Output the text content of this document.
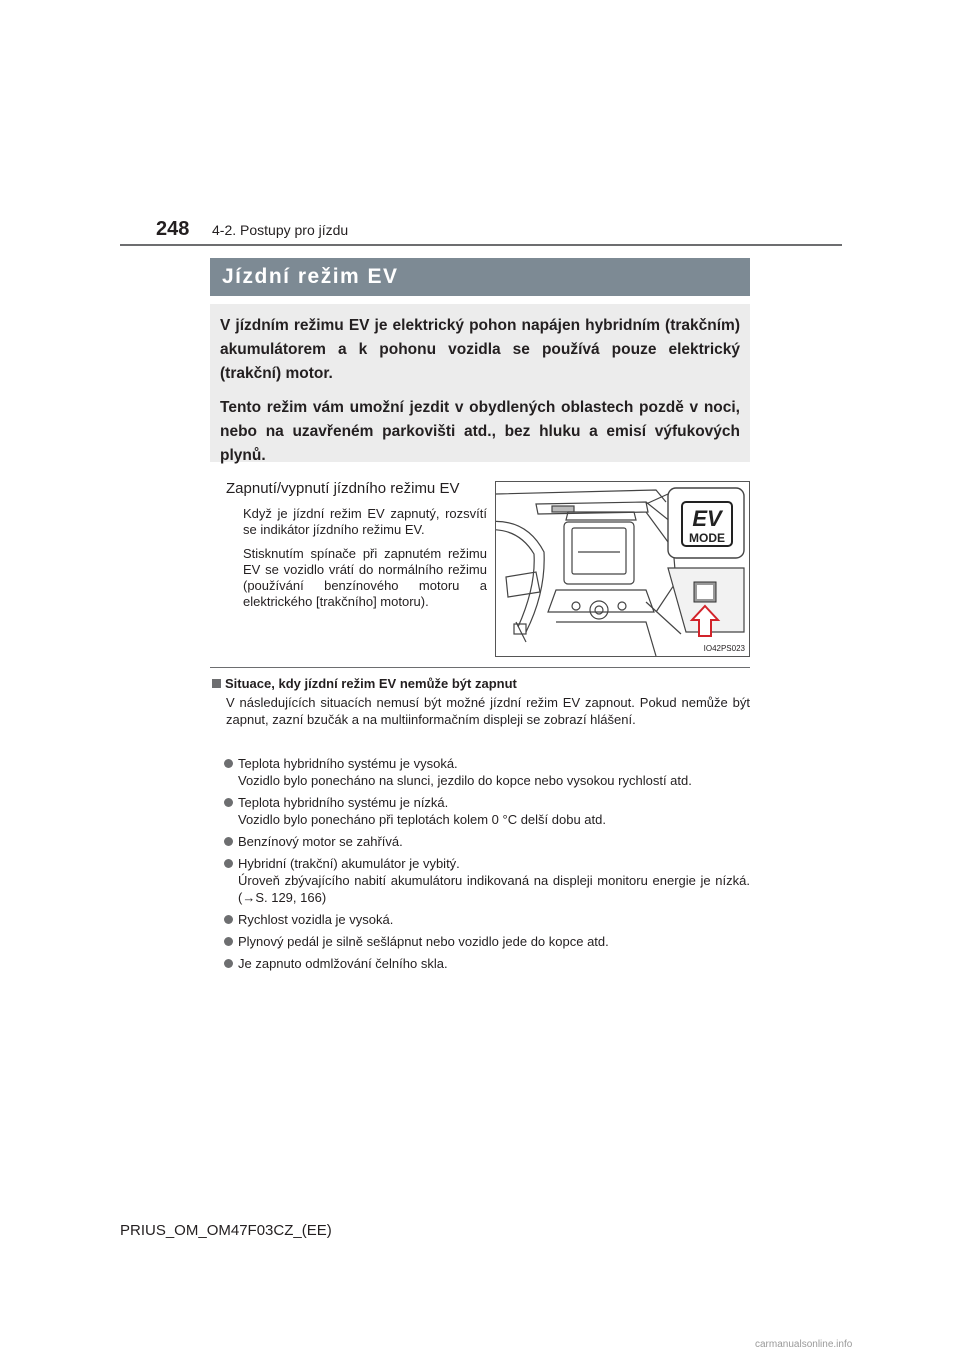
248 4-2. Postupy pro jízdu
Jízdní režim EV

V jízdním režimu EV je elektrický pohon napájen hybridním (trakčním) akumulátorem a k pohonu vozidla se používá pouze elektrický (trakční) motor.

Tento režim vám umožní jezdit v obydlených oblastech pozdě v noci, nebo na uzavřeném parkovišti atd., bez hluku a emisí výfukových plynů.

Zapnutí/vypnutí jízdního režimu EV

Když je jízdní režim EV zapnutý, rozsvítí se indikátor jízdního režimu EV.

Stisknutím spínače při zapnutém režimu EV se vozidlo vrátí do normálního režimu (používání benzínového motoru a elektrického [trakčního] motoru).

EV
MODE
IO42PS023
Situace, kdy jízdní režim EV nemůže být zapnut
V následujících situacích nemusí být možné jízdní režim EV zapnout. Pokud nemůže být zapnut, zazní bzučák a na multiinformačním displeji se zobrazí hlášení.
Teplota hybridního systému je vysoká.
Vozidlo bylo ponecháno na slunci, jezdilo do kopce nebo vysokou rychlostí atd.
Teplota hybridního systému je nízká.
Vozidlo bylo ponecháno při teplotách kolem 0 °C delší dobu atd.
Benzínový motor se zahřívá.
Hybridní (trakční) akumulátor je vybitý.
Úroveň zbývajícího nabití akumulátoru indikovaná na displeji monitoru energie je nízká. (→S. 129, 166)
Rychlost vozidla je vysoká.
Plynový pedál je silně sešlápnut nebo vozidlo jede do kopce atd.
Je zapnuto odmlžování čelního skla.
PRIUS_OM_OM47F03CZ_(EE)
carmanualsonline.info
